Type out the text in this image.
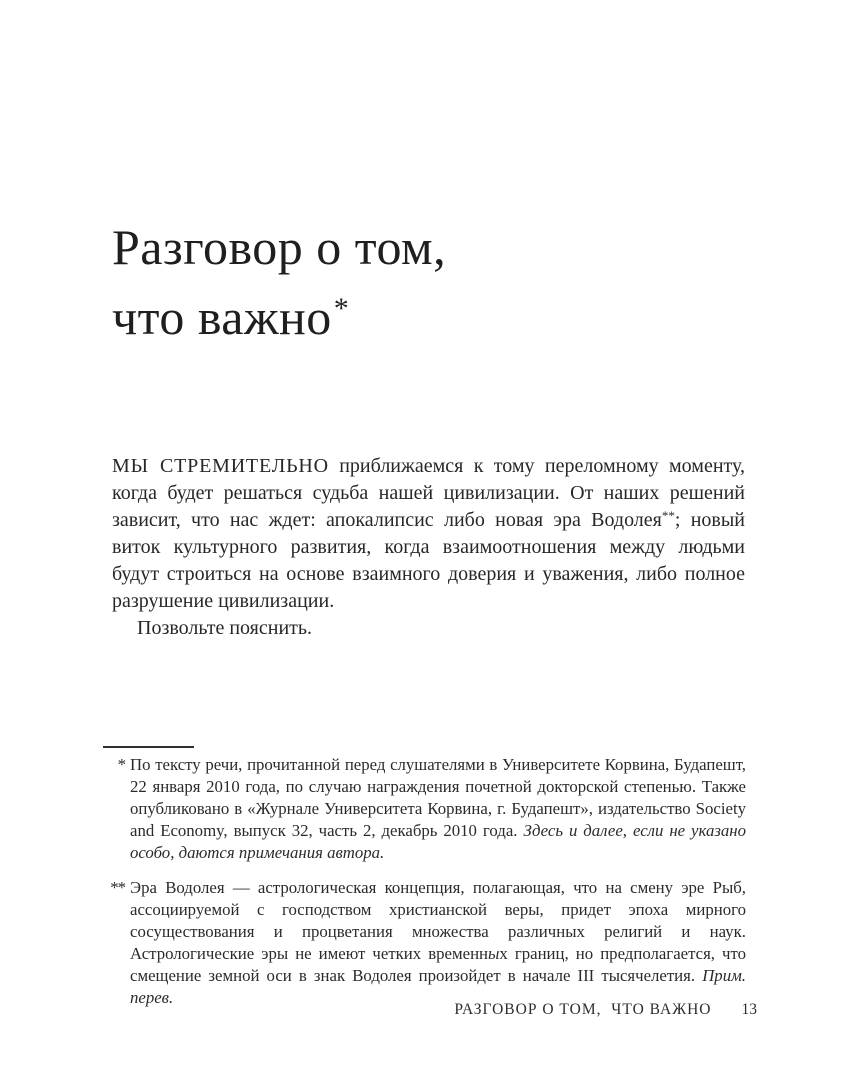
Разговор о том,
что важно*

МЫ СТРЕМИТЕЛЬНО приближаемся к тому переломному моменту, когда будет решаться судьба нашей цивилизации. От наших решений зависит, что нас ждет: апокалипсис либо новая эра Водолея**; новый виток культурного развития, когда взаимоотношения между людьми будут строиться на основе взаимного доверия и уважения, либо полное разрушение цивилизации.

Позвольте пояснить.

* По тексту речи, прочитанной перед слушателями в Университете Корвина, Будапешт, 22 января 2010 года, по случаю награждения почетной докторской степенью. Также опубликовано в «Журнале Университета Корвина, г. Будапешт», издательство Society and Economy, выпуск 32, часть 2, декабрь 2010 года. Здесь и далее, если не указано особо, даются примечания автора.
** Эра Водолея — астрологическая концепция, полагающая, что на смену эре Рыб, ассоциируемой с господством христианской веры, придет эпоха мирного сосуществования и процветания множества различных религий и наук. Астрологические эры не имеют четких временных границ, но предполагается, что смещение земной оси в знак Водолея произойдет в начале III тысячелетия. Прим. перев.
РАЗГОВОР О ТОМ,  ЧТО ВАЖНО 13
